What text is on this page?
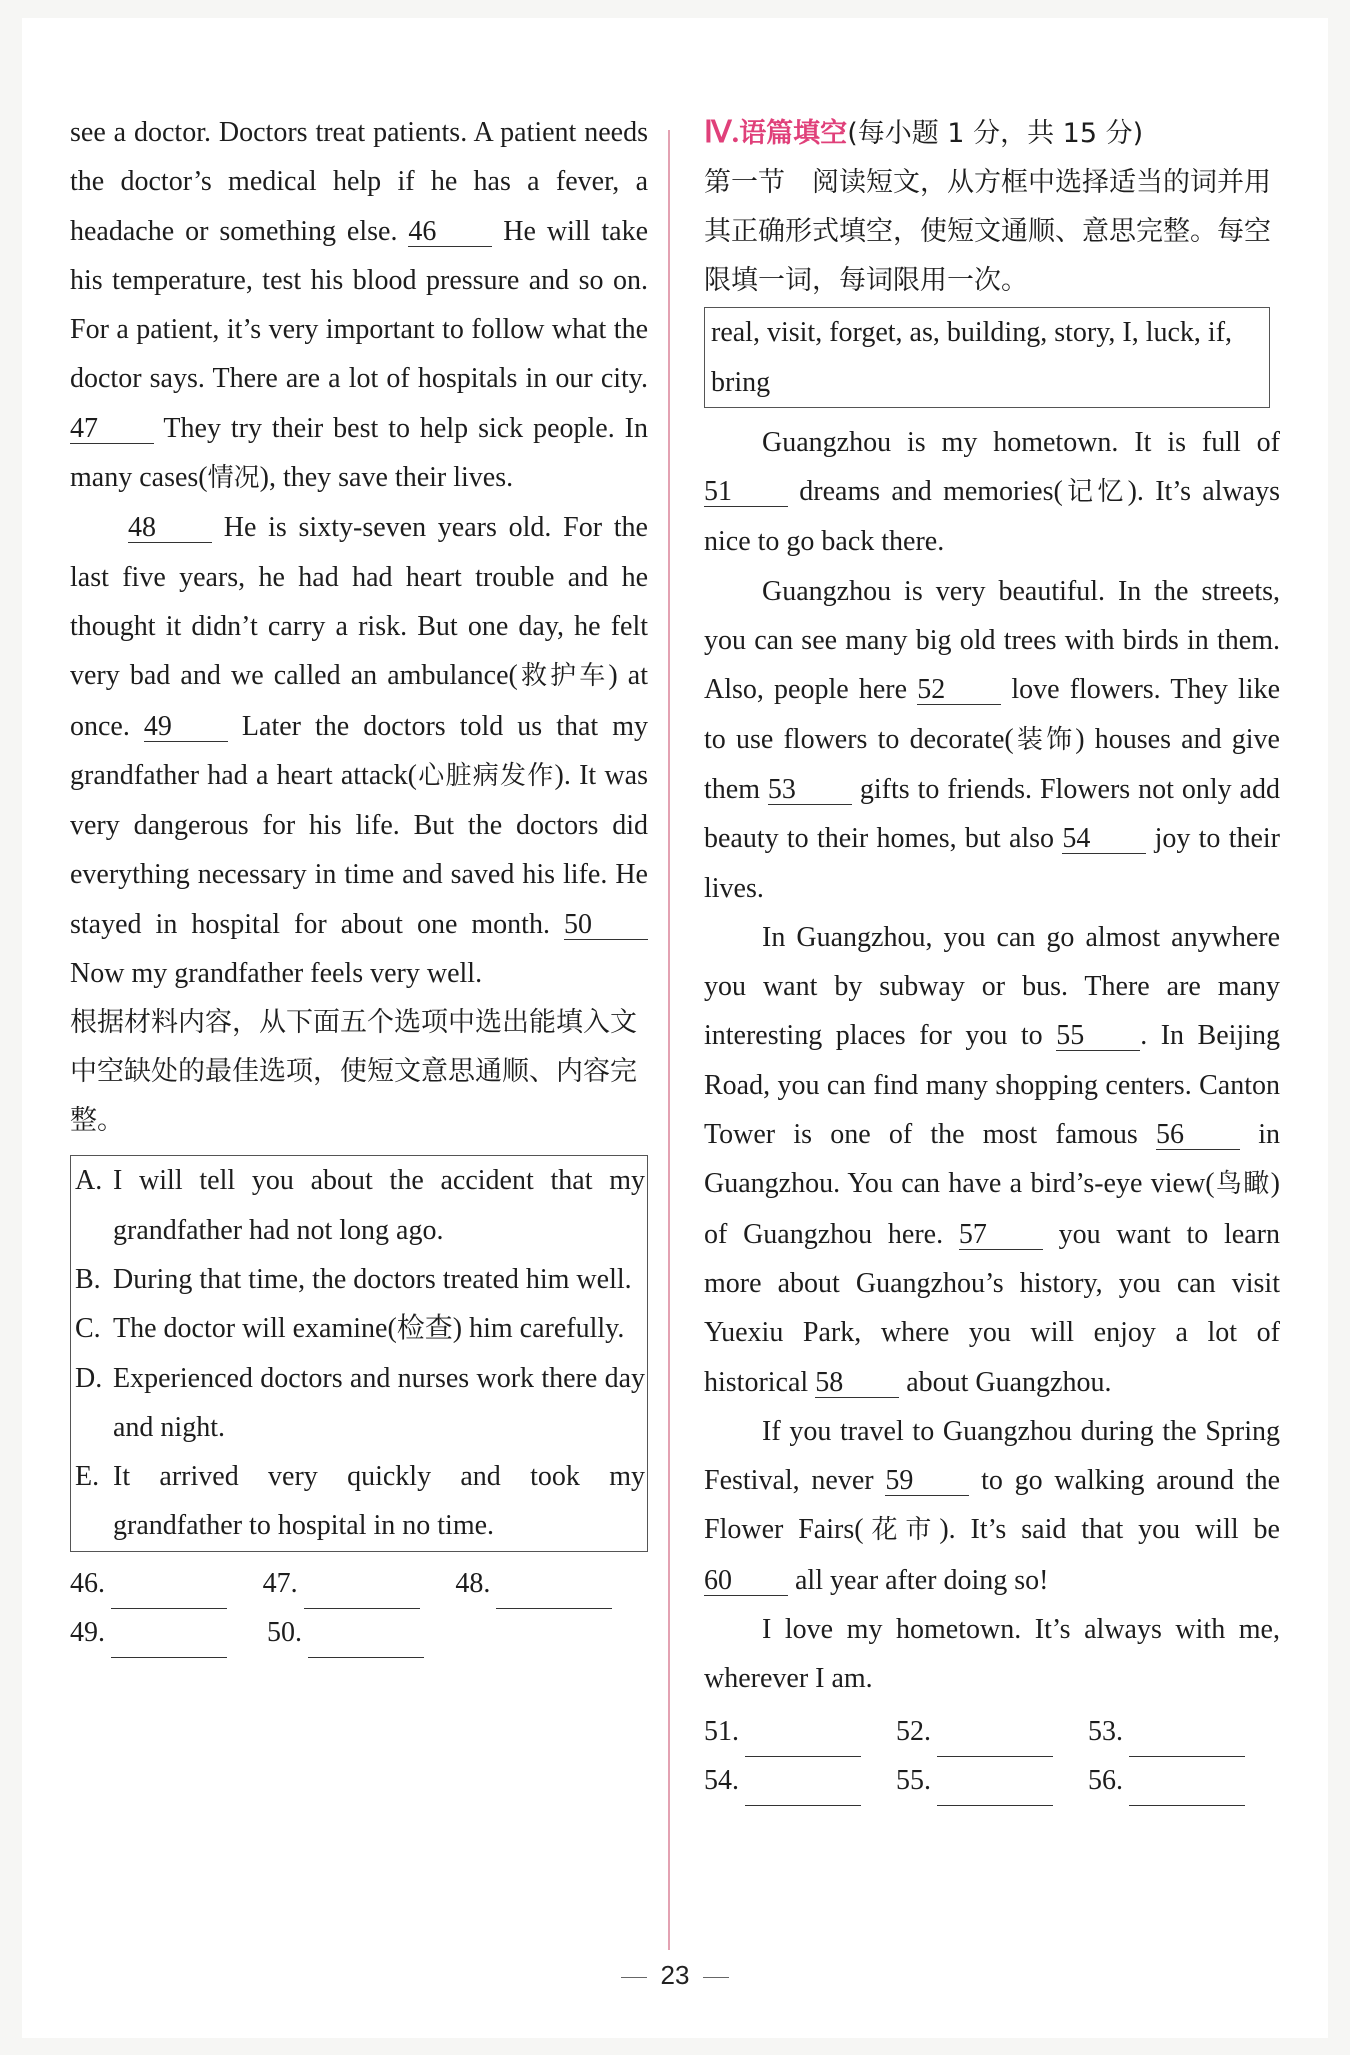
see a doctor. Doctors treat patients. A patient needs the doctor’s medical help if he has a fever, a headache or something else. 46 He will take his temperature, test his blood pressure and so on. For a patient, it’s very important to follow what the doctor says. There are a lot of hospitals in our city. 47 They try their best to help sick people. In many cases(情况), they save their lives.

48 He is sixty-seven years old. For the last five years, he had had heart trouble and he thought it didn’t carry a risk. But one day, he felt very bad and we called an ambulance(救护车) at once. 49 Later the doctors told us that my grandfather had a heart attack(心脏病发作). It was very dangerous for his life. But the doctors did everything necessary in time and saved his life. He stayed in hospital for about one month. 50 Now my grandfather feels very well.

根据材料内容，从下面五个选项中选出能填入文中空缺处的最佳选项，使短文意思通顺、内容完整。

A. I will tell you about the accident that my grandfather had not long ago.
B. During that time, the doctors treated him well.
C. The doctor will examine(检查) him carefully.
D. Experienced doctors and nurses work there day and night.
E. It arrived very quickly and took my grandfather to hospital in no time.
46.	47.	48.
49.	50.

Ⅳ.语篇填空(每小题 1 分，共 15 分)

第一节　阅读短文，从方框中选择适当的词并用其正确形式填空，使短文通顺、意思完整。每空限填一词，每词限用一次。

real, visit, forget, as, building, story, I, luck, if, bring

Guangzhou is my hometown. It is full of 51 dreams and memories(记忆). It’s always nice to go back there.

Guangzhou is very beautiful. In the streets, you can see many big old trees with birds in them. Also, people here 52 love flowers. They like to use flowers to decorate(装饰) houses and give them 53 gifts to friends. Flowers not only add beauty to their homes, but also 54 joy to their lives.

In Guangzhou, you can go almost anywhere you want by subway or bus. There are many interesting places for you to 55 . In Beijing Road, you can find many shopping centers. Canton Tower is one of the most famous 56 in Guangzhou. You can have a bird’s-eye view(鸟瞰) of Guangzhou here. 57 you want to learn more about Guangzhou’s history, you can visit Yuexiu Park, where you will enjoy a lot of historical 58 about Guangzhou.

If you travel to Guangzhou during the Spring Festival, never 59 to go walking around the Flower Fairs(花市). It’s said that you will be 60 all year after doing so!

I love my hometown. It’s always with me, wherever I am.

51.	52.	53.
54.	55.	56.
23
